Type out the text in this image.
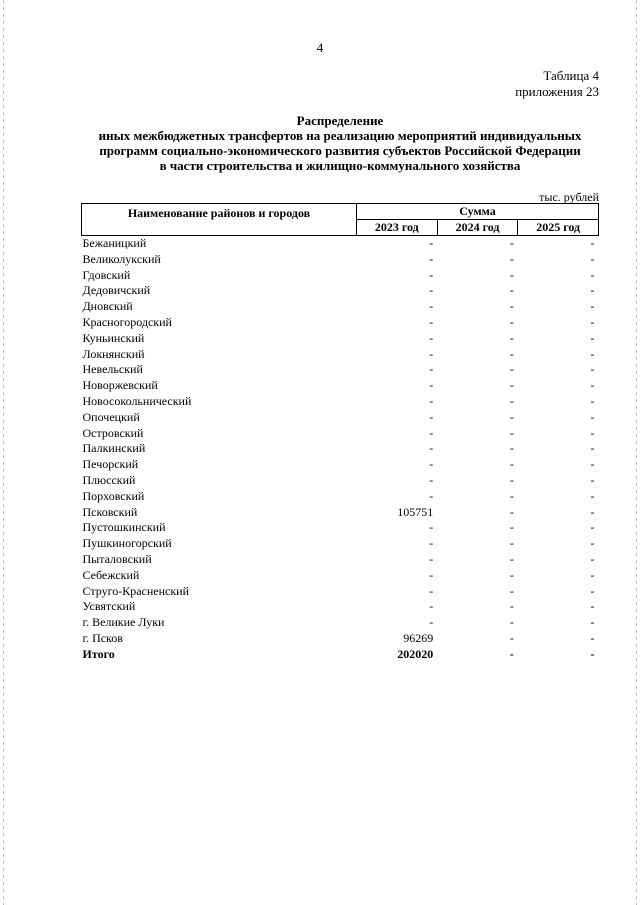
4
Таблица 4
приложения 23
Распределение
иных межбюджетных трансфертов на реализацию мероприятий индивидуальных
программ социально-экономического развития субъектов Российской Федерации
в части строительства и жилищно-коммунального хозяйства
тыс. рублей
Наименование районов и городов	Сумма		
	2023 год	2024 год	2025 год
Бежаницкий	-	-	-
Великолукский	-	-	-
Гдовский	-	-	-
Дедовичский	-	-	-
Дновский	-	-	-
Красногородский	-	-	-
Куньинский	-	-	-
Локнянский	-	-	-
Невельский	-	-	-
Новоржевский	-	-	-
Новосокольнический	-	-	-
Опочецкий	-	-	-
Островский	-	-	-
Палкинский	-	-	-
Печорский	-	-	-
Плюсский	-	-	-
Порховский	-	-	-
Псковский	105751	-	-
Пустошкинский	-	-	-
Пушкиногорский	-	-	-
Пыталовский	-	-	-
Себежский	-	-	-
Струго-Красненский	-	-	-
Усвятский	-	-	-
г. Великие Луки	-	-	-
г. Псков	96269	-	-
Итого	202020	-	-
